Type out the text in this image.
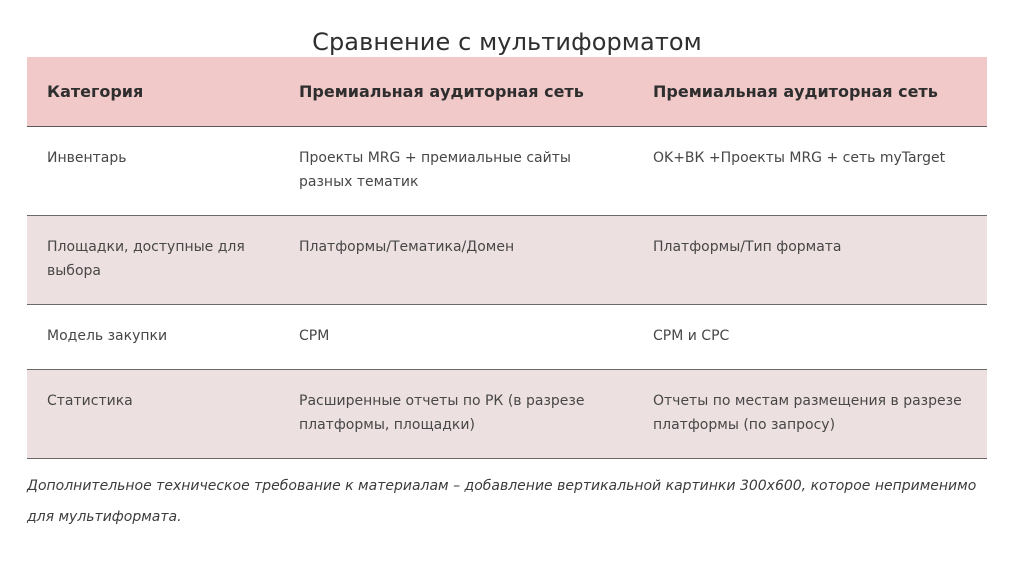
Сравнение с мультиформатом
Категория	Премиальная аудиторная сеть	Премиальная аудиторная сеть
Инвентарь	Проекты MRG + премиальные сайты разных тематик	OK+ВК +Проекты MRG + сеть myTarget
Площадки, доступные для выбора	Платформы/Тематика/Домен	Платформы/Тип формата
Модель закупки	CPM	CPM и CPC
Статистика	Расширенные отчеты по РК (в разрезе платформы, площадки)	Отчеты по местам размещения в разрезе платформы (по запросу)

Дополнительное техническое требование к материалам – добавление вертикальной картинки 300х600, которое неприменимо для мультиформата.
